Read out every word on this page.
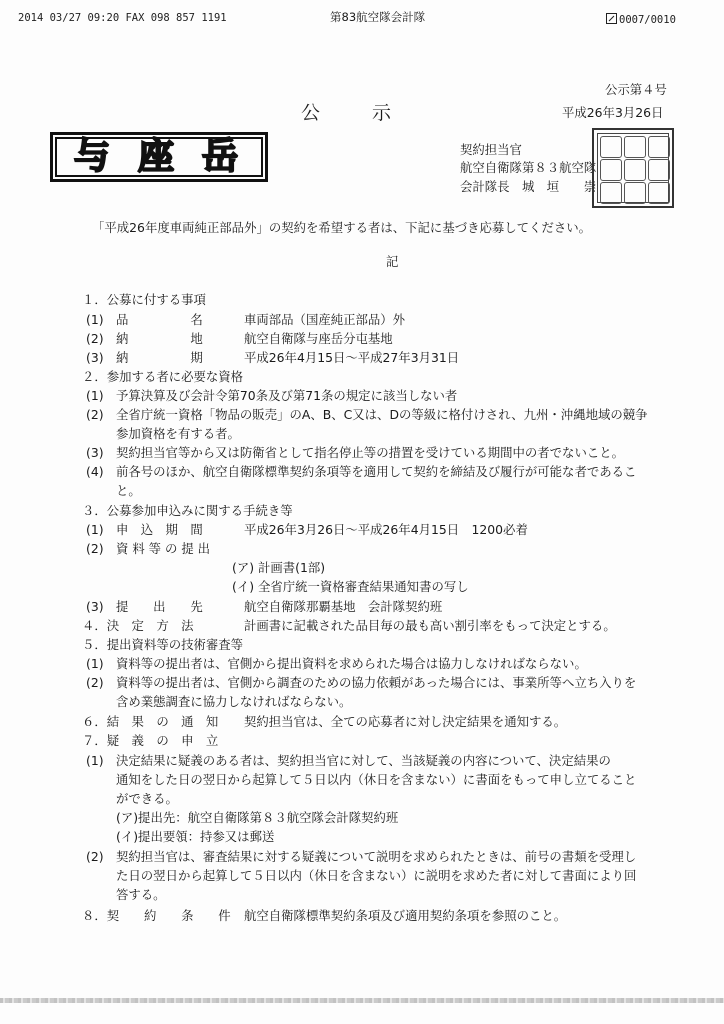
2014 03/27 09:20 FAX 098 857 1191	第83航空隊会計隊	0007/0010
公示第４号
平成26年3月26日
公	示
与 座 岳	契約担当官
航空自衛隊第８３航空隊
会計隊長　城　垣　　崇
「平成26年度車両純正部品外」の契約を希望する者は、下記に基づき応募してください。
記
１．公募に付する事項
(1) 品　　　　　名	車両部品（国産純正部品）外
(2) 納　　　　　地	航空自衛隊与座岳分屯基地
(3) 納　　　　　期	平成26年4月15日～平成27年3月31日
２．参加する者に必要な資格
(1) 予算決算及び会計令第70条及び第71条の規定に該当しない者
(2) 全省庁統一資格「物品の販売」のA、B、C又は、Dの等級に格付けされ、九州・沖縄地域の競争
参加資格を有する者。
(3) 契約担当官等から又は防衛省として指名停止等の措置を受けている期間中の者でないこと。
(4) 前各号のほか、航空自衛隊標準契約条項等を適用して契約を締結及び履行が可能な者であるこ
と。
３．公募参加申込みに関する手続き等
(1) 申　込　期　間	平成26年3月26日～平成26年4月15日　1200必着
(2) 資 料 等 の 提 出
(ア) 計画書(1部)
(イ) 全省庁統一資格審査結果通知書の写し
(3) 提　　出　　先	航空自衛隊那覇基地　会計隊契約班
４．決　定　方　法	計画書に記載された品目毎の最も高い割引率をもって決定とする。
５．提出資料等の技術審査等
(1) 資料等の提出者は、官側から提出資料を求められた場合は協力しなければならない。
(2) 資料等の提出者は、官側から調査のための協力依頼があった場合には、事業所等へ立ち入りを
含め業態調査に協力しなければならない。
６．結　果　の　通　知 契約担当官は、全ての応募者に対し決定結果を通知する。
７．疑　義　の　申　立
(1) 決定結果に疑義のある者は、契約担当官に対して、当該疑義の内容について、決定結果の
通知をした日の翌日から起算して５日以内（休日を含まない）に書面をもって申し立てること
ができる。
(ア)提出先：航空自衛隊第８３航空隊会計隊契約班
(イ)提出要領：持参又は郵送
(2) 契約担当官は、審査結果に対する疑義について説明を求められたときは、前号の書類を受理し
た日の翌日から起算して５日以内（休日を含まない）に説明を求めた者に対して書面により回
答する。
８．契　　約　　条　　件 航空自衛隊標準契約条項及び適用契約条項を参照のこと。
